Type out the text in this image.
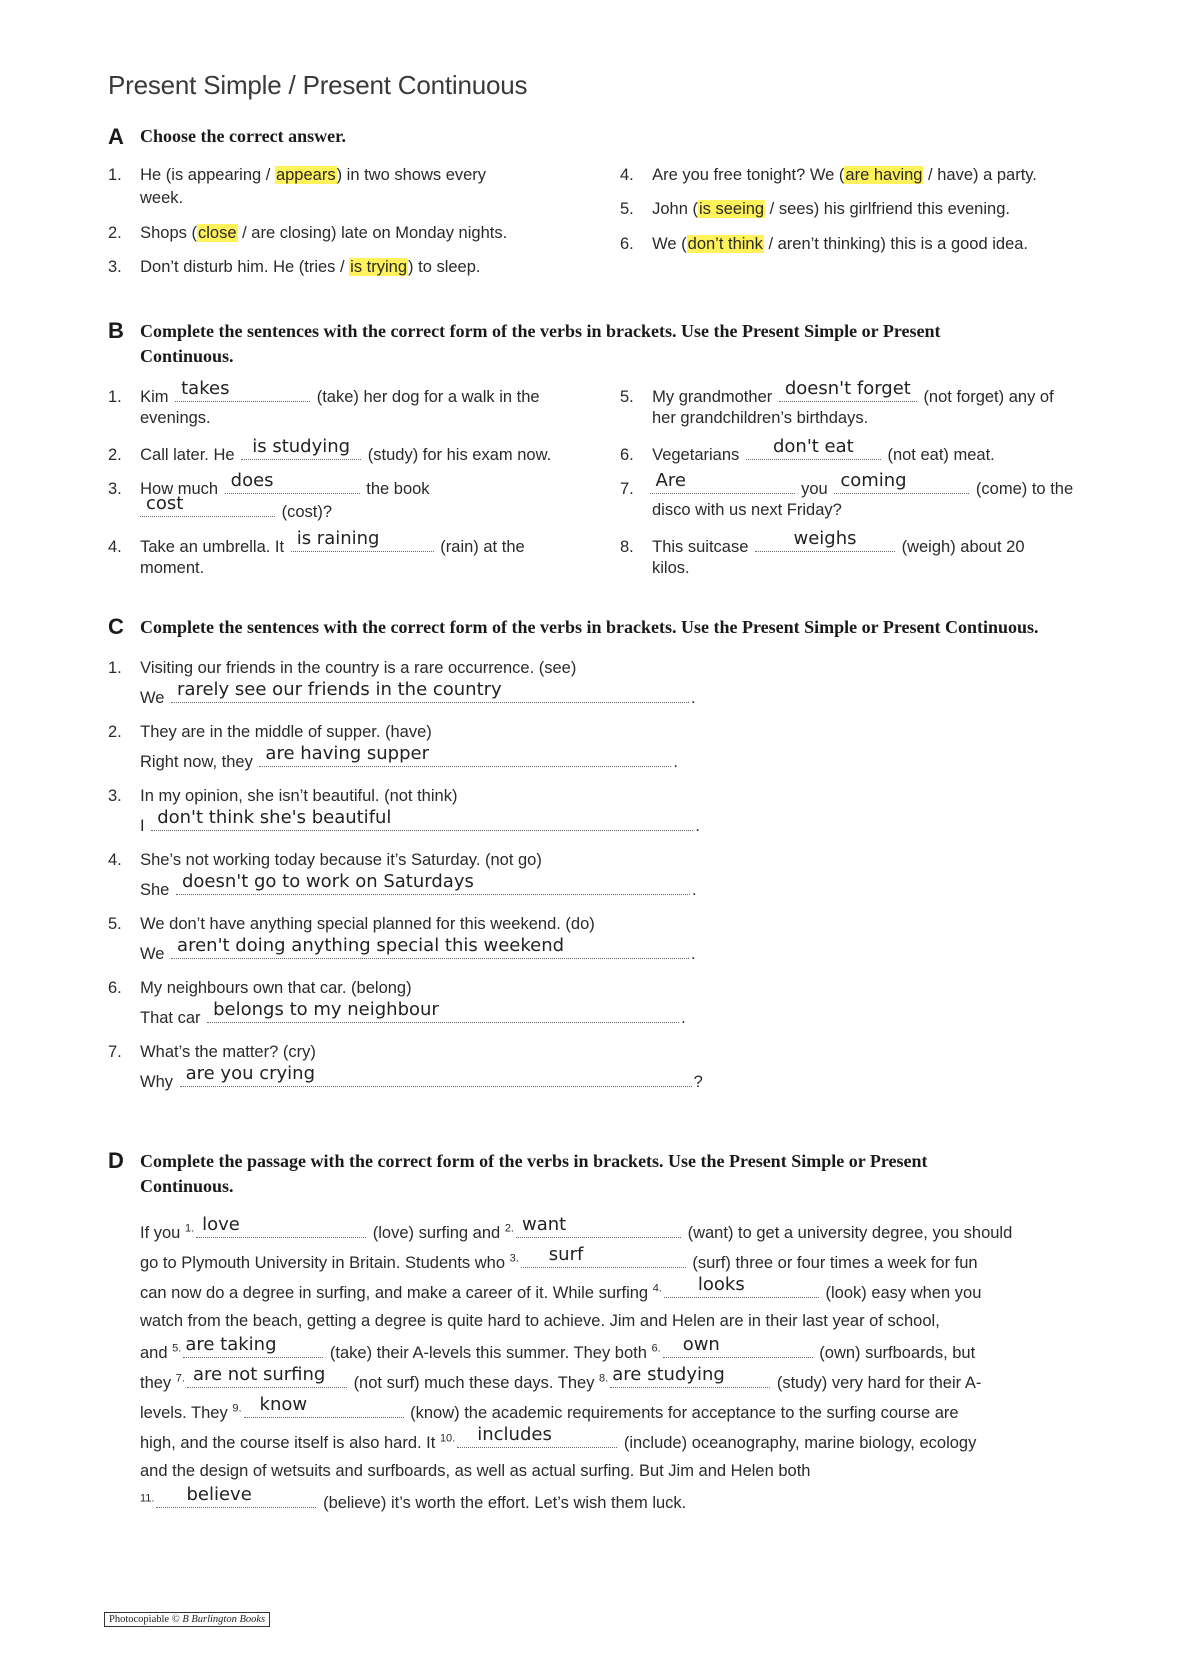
Present Simple / Present Continuous
A Choose the correct answer.
1. He (is appearing / appears) in two shows every
week.
2. Shops (close / are closing) late on Monday nights.
3. Don’t disturb him. He (tries / is trying) to sleep.
4. Are you free tonight? We (are having / have) a party.
5. John (is seeing / sees) his girlfriend this evening.
6. We (don’t think / aren’t thinking) this is a good idea.
B Complete the sentences with the correct form of the verbs in brackets. Use the Present Simple or Present
Continuous.
1. Kim takes	(take) her dog for a walk in the
evenings.
2. Call later. He is studying	(study) for his exam now.
3. How much does	the book
cost	(cost)?
4. Take an umbrella. It is raining	(rain) at the
moment.
5. My grandmother doesn't forget (not forget) any of
her grandchildren’s birthdays.
6. Vegetarians	don't eat	(not eat) meat.
7.	Are	you coming	(come) to the
disco with us next Friday?
8. This suitcase	weighs	(weigh) about 20
kilos.
C Complete the sentences with the correct form of the verbs in brackets. Use the Present Simple or Present Continuous.
1. Visiting our friends in the country is a rare occurrence. (see)
We rarely see our friends in the country	.
2. They are in the middle of supper. (have)
Right now, they are having supper	.
3. In my opinion, she isn’t beautiful. (not think)
I don't think she's beautiful	.
4. She’s not working today because it’s Saturday. (not go)
She doesn't go to work on Saturdays	.
5. We don’t have anything special planned for this weekend. (do)
We aren't doing anything special this weekend	.
6. My neighbours own that car. (belong)
That car belongs to my neighbour	.
7. What’s the matter? (cry)
Why are you crying	?
D Complete the passage with the correct form of the verbs in brackets. Use the Present Simple or Present
Continuous.
If you $^{1.}$ love	(love) surfing and $^{2.}$ want	(want) to get a university degree, you should
go to Plymouth University in Britain. Students who $^{3.}$	surf	(surf) three or four times a week for fun
can now do a degree in surfing, and make a career of it. While surfing $^{4.}$	looks	(look) easy when you
watch from the beach, getting a degree is quite hard to achieve. Jim and Helen are in their last year of school,
and $^{5.}$ are taking	(take) their A-levels this summer. They both $^{6.}$	own	(own) surfboards, but
they $^{7.}$ are not surfing	(not surf) much these days. They $^{8.}$ are studying	(study) very hard for their A-
levels. They $^{9.}$	know	(know) the academic requirements for acceptance to the surfing course are
high, and the course itself is also hard. It $^{10.}$	includes	(include) oceanography, marine biology, ecology
and the design of wetsuits and surfboards, as well as actual surfing. But Jim and Helen both
$^{11.}$	believe	(believe) it’s worth the effort. Let’s wish them luck.
Photocopiable © B Burlington Books
